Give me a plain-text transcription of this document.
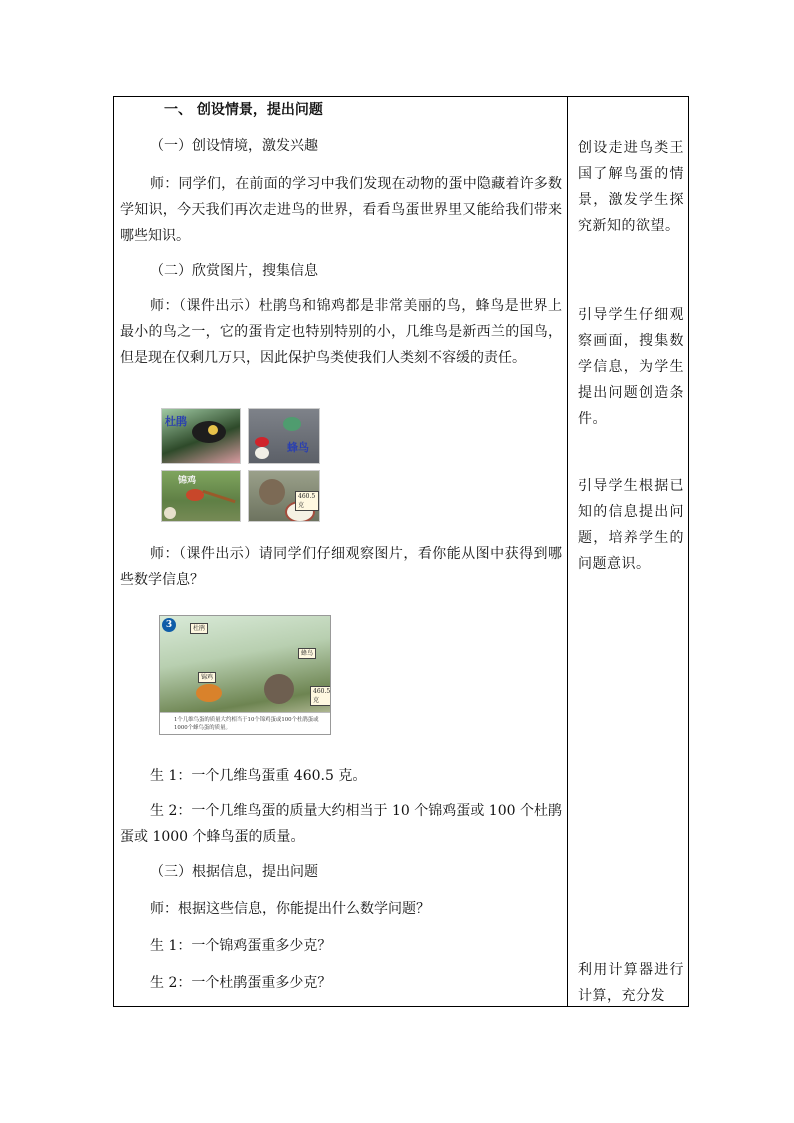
一、 创设情景，提出问题
（一）创设情境，激发兴趣
师：同学们，在前面的学习中我们发现在动物的蛋中隐藏着许多数学知识，今天我们再次走进鸟的世界，看看鸟蛋世界里又能给我们带来哪些知识。
（二）欣赏图片，搜集信息
师：（课件出示）杜鹃鸟和锦鸡都是非常美丽的鸟，蜂鸟是世界上最小的鸟之一，它的蛋肯定也特别特别的小，几维鸟是新西兰的国鸟，但是现在仅剩几万只，因此保护鸟类使我们人类刻不容缓的责任。
杜鹃
蜂鸟
锦鸡
460.5克
师：（课件出示）请同学们仔细观察图片，看你能从图中获得到哪些数学信息？
3	杜鹃
蜂鸟
锦鸡
460.5克
1个几维鸟蛋的质量大约相当于10个锦鸡蛋或100个杜鹃蛋或1000个蜂鸟蛋的质量。
生 1：一个几维鸟蛋重 460.5 克。
生 2：一个几维鸟蛋的质量大约相当于 10 个锦鸡蛋或 100 个杜鹃蛋或 1000 个蜂鸟蛋的质量。
（三）根据信息，提出问题
师：根据这些信息，你能提出什么数学问题？
生 1：一个锦鸡蛋重多少克？
生 2：一个杜鹃蛋重多少克？
创设走进鸟类王国了解鸟蛋的情景，激发学生探究新知的欲望。
引导学生仔细观察画面，搜集数学信息，为学生提出问题创造条件。
引导学生根据已知的信息提出问题，培养学生的问题意识。
利用计算器进行计算，充分发
